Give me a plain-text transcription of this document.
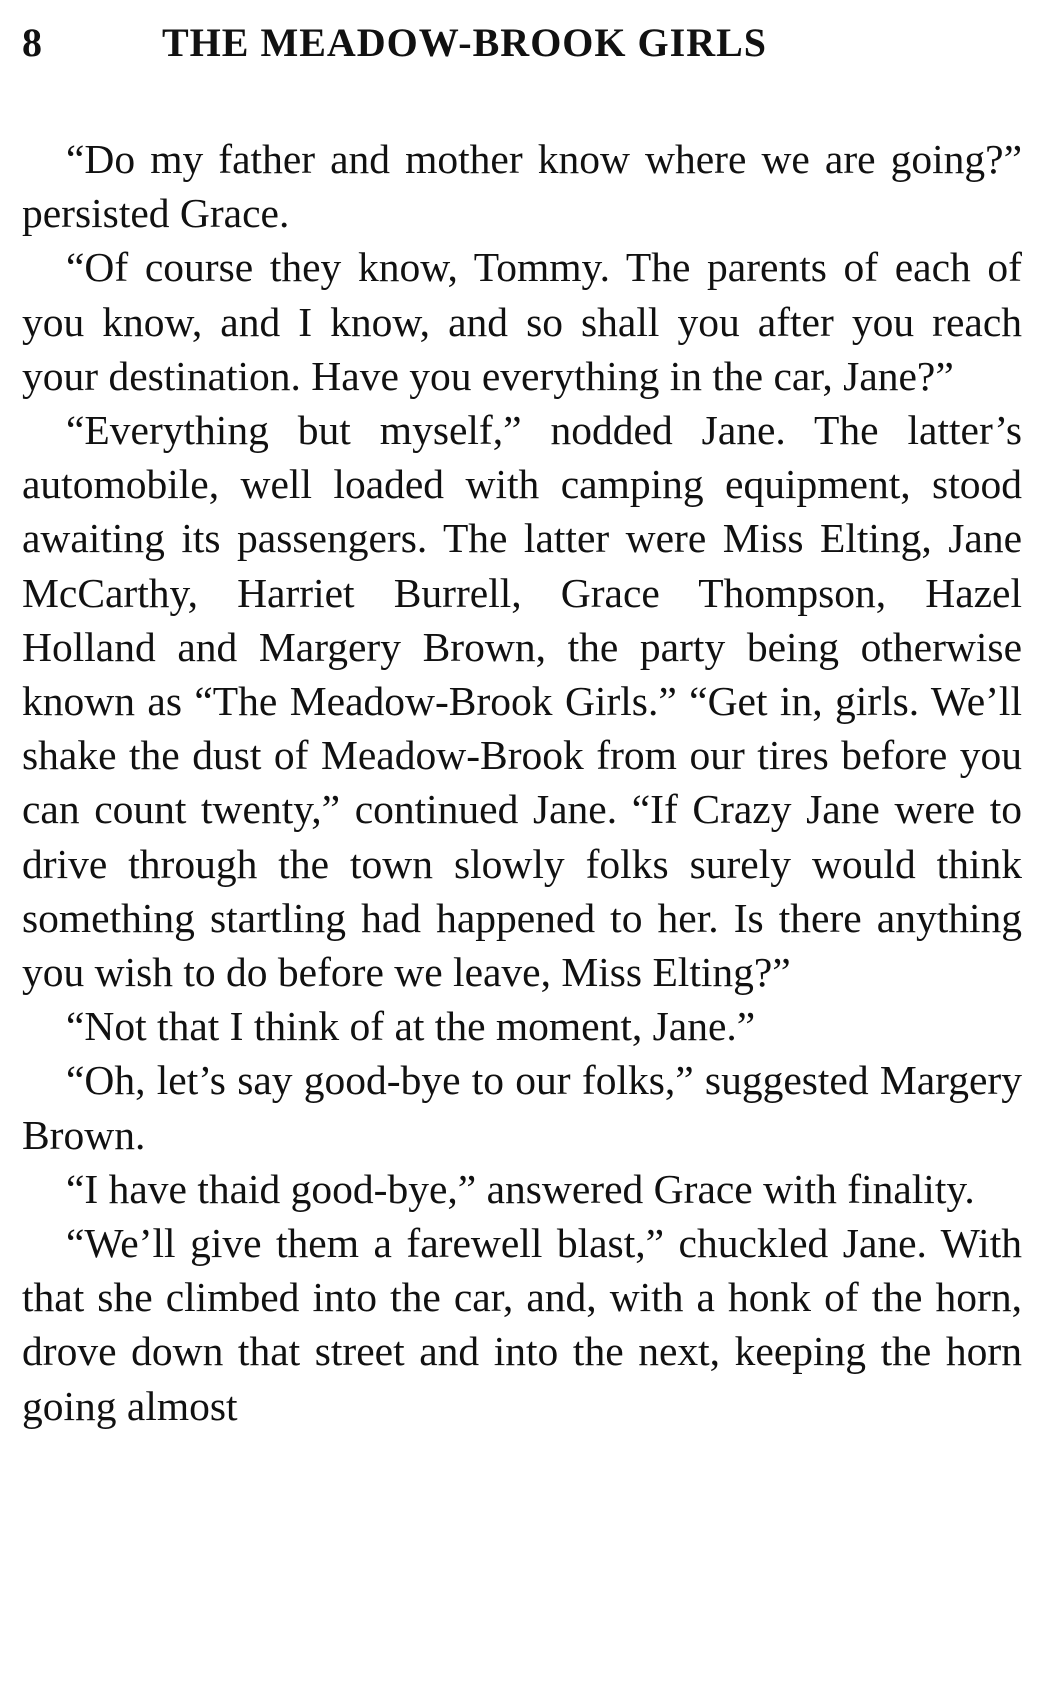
8	THE MEADOW-BROOK GIRLS

“Do my father and mother know where we are going?” persisted Grace.

“Of course they know, Tommy. The parents of each of you know, and I know, and so shall you after you reach your destination. Have you everything in the car, Jane?”

“Everything but myself,” nodded Jane. The latter’s automobile, well loaded with camping equipment, stood awaiting its passengers. The latter were Miss Elting, Jane McCarthy, Harriet Burrell, Grace Thompson, Hazel Holland and Margery Brown, the party being otherwise known as “The Meadow-Brook Girls.” “Get in, girls. We’ll shake the dust of Meadow-Brook from our tires before you can count twenty,” continued Jane. “If Crazy Jane were to drive through the town slowly folks surely would think something startling had happened to her. Is there anything you wish to do before we leave, Miss Elting?”

“Not that I think of at the moment, Jane.”

“Oh, let’s say good-bye to our folks,” suggested Margery Brown.

“I have thaid good-bye,” answered Grace with finality.

“We’ll give them a farewell blast,” chuckled Jane. With that she climbed into the car, and, with a honk of the horn, drove down that street and into the next, keeping the horn going almost
